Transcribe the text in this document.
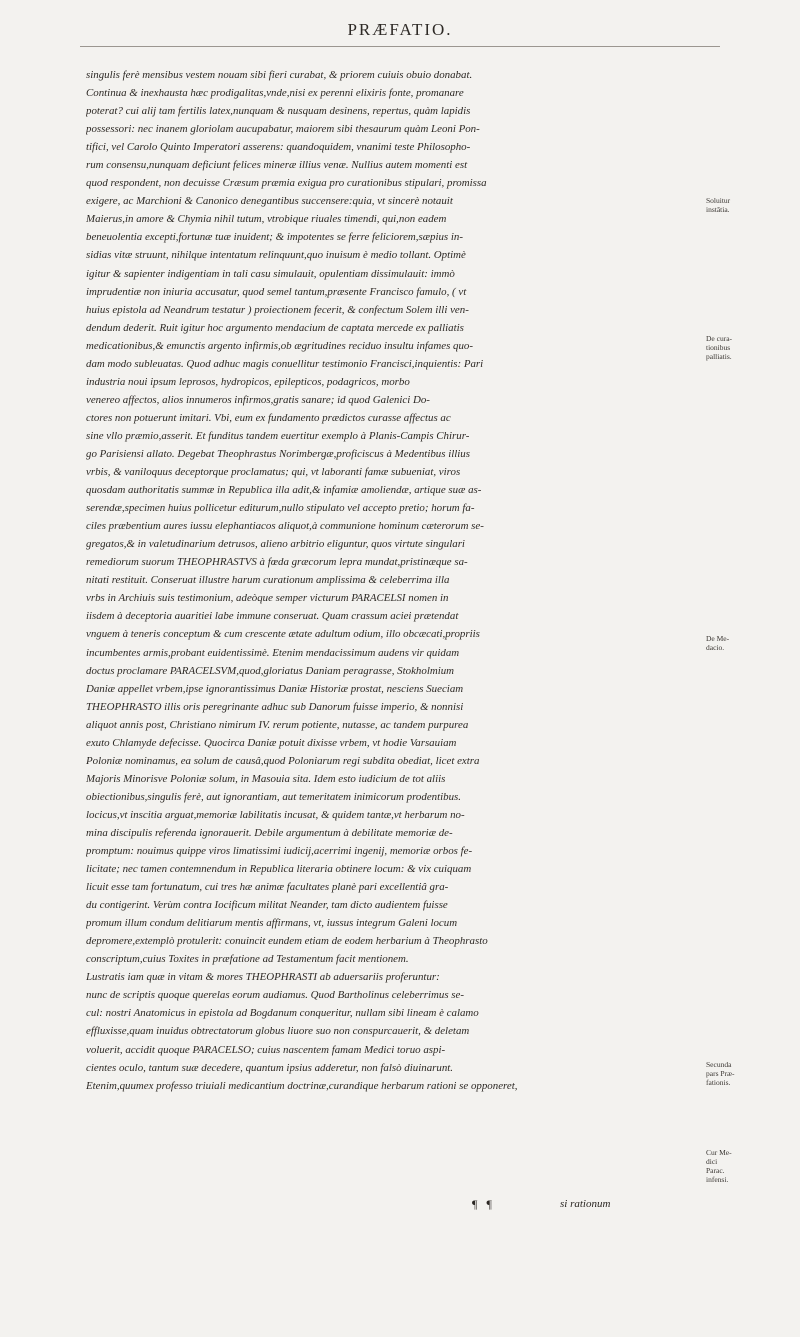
PRÆFATIO.
singulis ferè mensibus vestem nouam sibi fieri curabat, & priorem cuiuis obuio donabat.
Continua & inexhausta hæc prodigalitas,vnde,nisi ex perenni elixiris fonte, promanare
poterat? cui alij tam fertilis latex,nunquam & nusquam desinens, repertus, quàm lapidis
possessori: nec inanem gloriolam aucupabatur, maiorem sibi thesaurum quàm Leoni Pon-
tifici, vel Carolo Quinto Imperatori asserens: quandoquidem, vnanimi teste Philosopho-
rum consensu,nunquam deficiunt felices mineræ illius venæ. Nullius autem momenti est
quod respondent, non decuisse Cræsum præmia exigua pro curationibus stipulari, promissa
exigere, ac Marchioni & Canonico denegantibus succensere:quia, vt sincerè notauit
Maierus,in amore & Chymia nihil tutum, vtrobique riuales timendi, qui,non eadem
beneuolentia excepti,fortunæ tuæ inuident; & impotentes se ferre feliciorem,sæpius in-
sidias vitæ struunt, nihilque intentatum relinquunt,quo inuisum è medio tollant. Optimè
igitur & sapienter indigentiam in tali casu simulauit, opulentiam dissimulauit: immò
imprudentiæ non iniuria accusatur, quod semel tantum,præsente Francisco famulo, ( vt
huius epistola ad Neandrum testatur ) proiectionem fecerit, & confectum Solem illi ven-
dendum dederit. Ruit igitur hoc argumento mendacium de captata mercede ex palliatis
medicationibus,& emunctis argento infirmis,ob ægritudines reciduo insultu infames quo-
dam modo subleuatas. Quod adhuc magis conuellitur testimonio Francisci,inquientis: Pari
industria noui ipsum leprosos, hydropicos, epilepticos, podagricos, morbo
venereo affectos, alios innumeros infirmos,gratis sanare; id quod Galenici Do-
ctores non potuerunt imitari. Vbi, eum ex fundamento prædictos curasse affectus ac
sine vllo præmio,asserit. Et funditus tandem euertitur exemplo à Planis-Campis Chirur-
go Parisiensi allato. Degebat Theophrastus Norimbergæ,proficiscus à Medentibus illius
vrbis, & vaniloquus deceptorque proclamatus; qui, vt laboranti famæ subueniat, viros
quosdam authoritatis summæ in Republica illa adit,& infamiæ amoliendæ, artique suæ as-
serendæ,specimen huius pollicetur editurum,nullo stipulato vel accepto pretio; horum fa-
ciles præbentium aures iussu elephantiacos aliquot,à communione hominum cæterorum se-
gregatos,& in valetudinarium detrusos, alieno arbitrio eliguntur, quos virtute singulari
remediorum suorum THEOPHRASTVS à fœda græcorum lepra mundat,pristinæque sa-
nitati restituit. Conseruat illustre harum curationum amplissima & celeberrima illa
vrbs in Archiuis suis testimonium, adeòque semper victurum PARACELSI nomen in
iisdem à deceptoria auaritiei labe immune conseruat. Quam crassum aciei prætendat
vnguem à teneris conceptum & cum crescente ætate adultum odium, illo obcæcati,propriis
incumbentes armis,probant euidentissimè. Etenim mendacissimum audens vir quidam
doctus proclamare PARACELSVM,quod,gloriatus Daniam peragrasse, Stokholmium
Daniæ appellet vrbem,ipse ignorantissimus Daniæ Historiæ prostat, nesciens Sueciam
THEOPHRASTO illis oris peregrinante adhuc sub Danorum fuisse imperio, & nonnisi
aliquot annis post, Christiano nimirum IV. rerum potiente, nutasse, ac tandem purpurea
exuto Chlamyde defecisse. Quocirca Daniæ potuit dixisse vrbem, vt hodie Varsauiam
Poloniæ nominamus, ea solum de causâ,quod Poloniarum regi subdita obediat, licet extra
Majoris Minorisve Poloniæ solum, in Masouia sita. Idem esto iudicium de tot aliis
obiectionibus,singulis ferè, aut ignorantiam, aut temeritatem inimicorum prodentibus.
locicus,vt inscitia arguat,memoriæ labilitatis incusat, & quidem tantæ,vt herbarum no-
mina discipulis referenda ignorauerit. Debile argumentum à debilitate memoriæ de-
promptum: nouimus quippe viros limatissimi iudicij,acerrimi ingenij, memoriæ orbos fe-
licitate; nec tamen contemnendum in Republica literaria obtinere locum: & vix cuiquam
licuit esse tam fortunatum, cui tres hæ animæ facultates planè pari excellentiâ gra-
du contigerint. Verùm contra Iocificum militat Neander, tam dicto audientem fuisse
promum illum condum delitiarum mentis affirmans, vt, iussus integrum Galeni locum
depromere,extemplò protulerit: conuincit eundem etiam de eodem herbarium à Theophrasto
conscriptum,cuius Toxites in præfatione ad Testamentum facit mentionem.
Lustratis iam quæ in vitam & mores THEOPHRASTI ab aduersariis proferuntur:
nunc de scriptis quoque querelas eorum audiamus. Quod Bartholinus celeberrimus se-
cul: nostri Anatomicus in epistola ad Bogdanum conqueritur, nullam sibi lineam è calamo
effluxisse,quam inuidus obtrectatorum globus liuore suo non conspurcauerit, & deletam
voluerit, accidit quoque PARACELSO; cuius nascentem famam Medici toruo aspi-
cientes oculo, tantum suæ decedere, quantum ipsius adderetur, non falsò diuinarunt.
Etenim,quumex professo triuiali medicantium doctrinæ,curandique herbarum rationi se opponeret,
Soluitur
instātia.
De cura-
tionibus
palliatis.
De Me-
dacio.
Secunda
pars Præ-
fationis.
Cur Me-
dici
Parac.
infensi.
¶ ¶	si rationum
